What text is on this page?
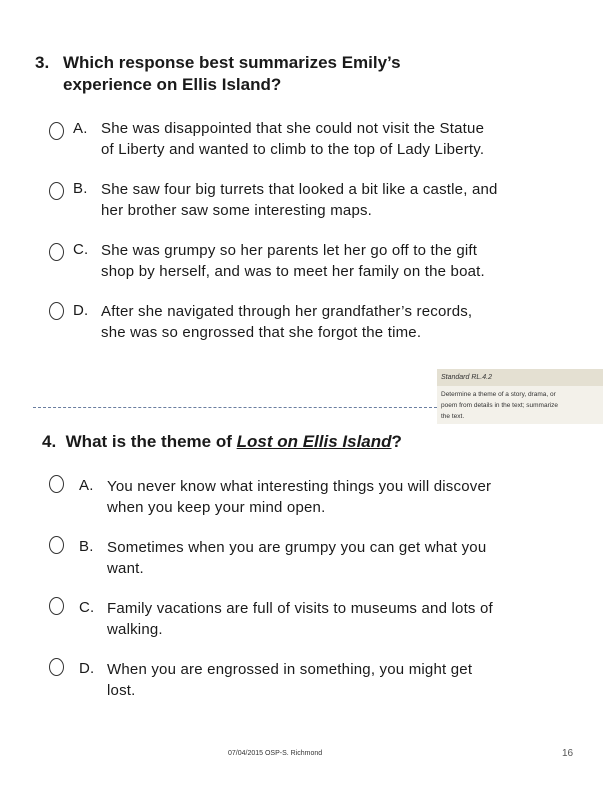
3. Which response best summarizes Emily’s
experience on Ellis Island?
A. She was disappointed that she could not visit the Statue
of Liberty and wanted to climb to the top of Lady Liberty.
B. She saw four big turrets that looked a bit like a castle, and
her brother saw some interesting maps.
C. She was grumpy so her parents let her go off to the gift
shop by herself, and was to meet her family on the boat.
D. After she navigated through her grandfather’s records,
she was so engrossed that she forgot the time.
Standard RL.4.2
Determine a theme of a story, drama, or
poem from details in the text; summarize
the text.
4. What is the theme of Lost on Ellis Island?
A. You never know what interesting things you will discover
when you keep your mind open.
B. Sometimes when you are grumpy you can get what you
want.
C. Family vacations are full of visits to museums and lots of
walking.
D. When you are engrossed in something, you might get
lost.
07/04/2015 OSP-S. Richmond	16
